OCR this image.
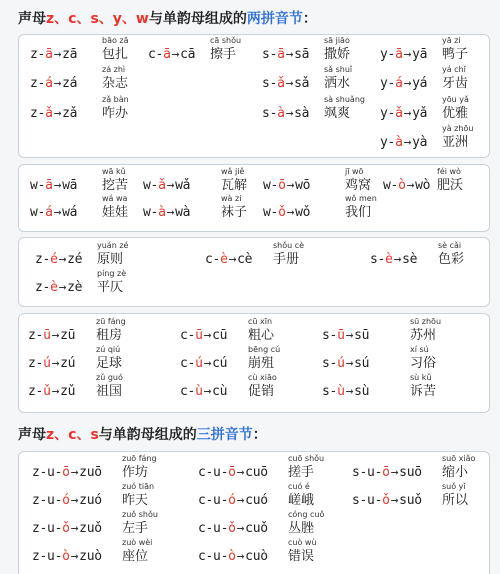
声母z、c、s、y、w与单韵母组成的两拼音节：
声母z、c、s与单韵母组成的三拼音节：
z-ā→zā
bāo zā
包扎
z-á→zá
zá zhì
杂志
z-ǎ→zǎ
zǎ bàn
咋办
c-ā→cā
cā shǒu
擦手 s-ā→sā
sā jiāo
撒娇
s-ǎ→sǎ
sǎ shuǐ
洒水
s-à→sà
sà shuǎng
飒爽
y-ā→yā
yā zi
鸭子
y-á→yá
yá chǐ
牙齿
y-ǎ→yǎ
yōu yǎ
优雅
y-à→yà
yà zhōu
亚洲
w-ā→wā
wā kǔ
挖苦
w-á→wá
wá wa
娃娃
w-ǎ→wǎ
wǎ jiě
瓦解
w-à→wà
wà zi
袜子
w-ō→wō
jī wō
鸡窝
w-ǒ→wǒ
wǒ men
我们
w-ò→wò
féi wò
肥沃
z-é→zé
yuán zé
原则
z-è→zè
píng zè
平仄
c-è→cè
shǒu cè
手册	s-è→sè
sè cǎi
色彩
z-ū→zū
zū fáng
租房
z-ú→zú
zú qiú
足球
z-ǔ→zǔ
zǔ guó
祖国
c-ū→cū
cū xīn
粗心
c-ú→cú
bēng cú
崩殂
c-ù→cù
cù xiāo
促销
s-ū→sū
sū zhōu
苏州
s-ú→sú
xí sú
习俗
s-ù→sù
sù kǔ
诉苦
z-u-ō→zuō
zuō fáng
作坊
z-u-ó→zuó
zuó tiān
昨天
z-u-ǒ→zuǒ
zuǒ shǒu
左手
z-u-ò→zuò
zuò wèi
座位
c-u-ō→cuō
cuō shǒu
搓手
c-u-ó→cuó
cuó é
嵯峨
c-u-ǒ→cuǒ
cóng cuǒ
丛脞
c-u-ò→cuò
cuò wù
错误
s-u-ō→suō
suō xiǎo
缩小
s-u-ǒ→suǒ
suǒ yǐ
所以
